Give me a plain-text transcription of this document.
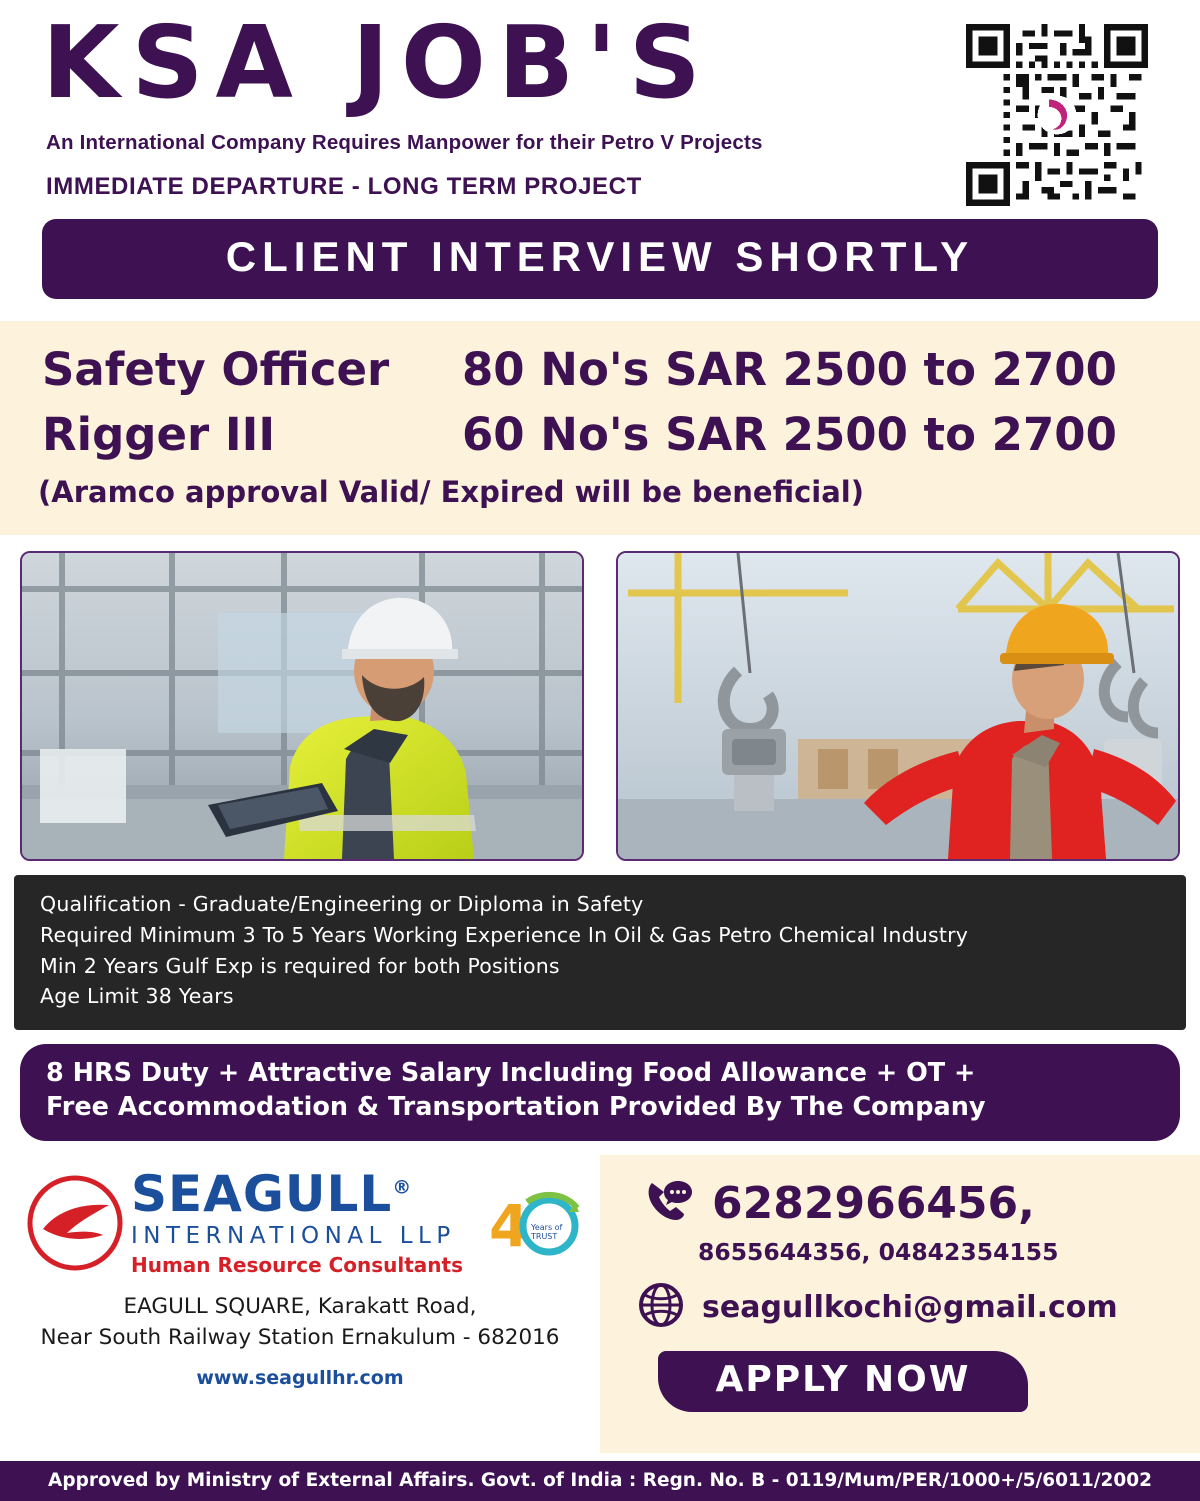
KSA JOB'S
An International Company Requires Manpower for their Petro V Projects
IMMEDIATE DEPARTURE - LONG TERM PROJECT
CLIENT INTERVIEW SHORTLY
Safety Officer	80 No's SAR 2500 to 2700
Rigger III	60 No's SAR 2500 to 2700
(Aramco approval Valid/ Expired will be beneficial)
Qualification - Graduate/Engineering or Diploma in Safety
Required Minimum 3 To 5 Years Working Experience In Oil & Gas Petro Chemical Industry
Min 2 Years Gulf Exp is required for both Positions
Age Limit 38 Years
8 HRS Duty + Attractive Salary Including Food Allowance + OT +
Free Accommodation & Transportation Provided By The Company
SEAGULL®
INTERNATIONAL LLP
Human Resource Consultants
4 Years of
TRUST
EAGULL SQUARE, Karakatt Road,
Near South Railway Station Ernakulum - 682016
www.seagullhr.com
6282966456,
8655644356, 04842354155
seagullkochi@gmail.com
APPLY NOW
Approved by Ministry of External Affairs. Govt. of India : Regn. No. B - 0119/Mum/PER/1000+/5/6011/2002
